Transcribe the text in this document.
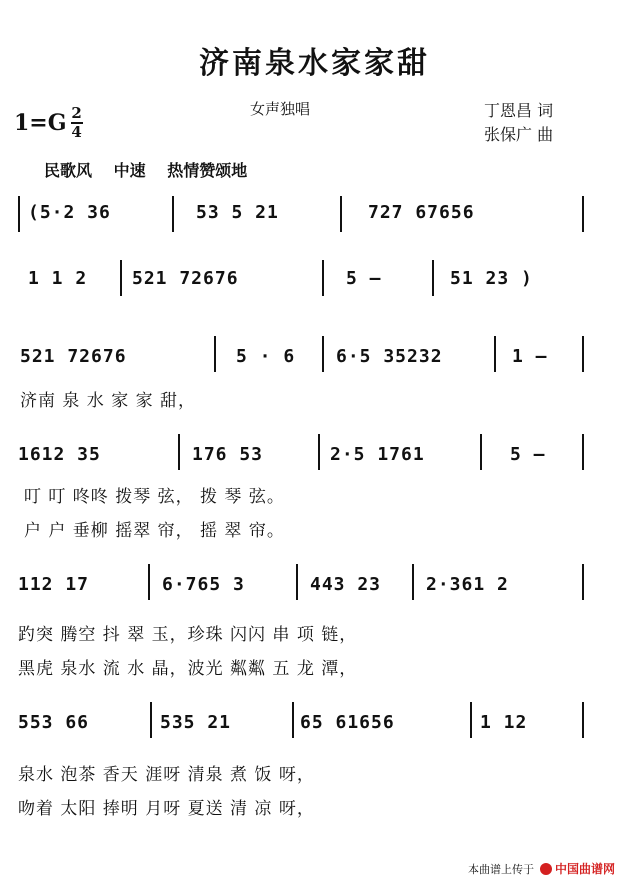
济南泉水家家甜
1=G 2
4
女声独唱	丁恩昌 词
张保广 曲
民歌风 中速 热情赞颂地
(5·2 36	53 5 21	727 67656
1 1 2 521 72676	5 –	51 23 )
521 72676	5 · 6 6·5 35232	1 –
济南 泉 水 家 家 甜，
1612 35	176 53	2·5 1761	5 –
叮 叮 咚咚 拨琴 弦， 拨 琴 弦。
户 户 垂柳 摇翠 帘， 摇 翠 帘。
112 17	6·765 3	443 23 2·361 2
趵突 腾空 抖 翠 玉，珍珠 闪闪 串 项 链，
黑虎 泉水 流 水 晶，波光 粼粼 五 龙 潭，
553 66	535 21	65 61656	1 12
泉水 泡茶 香天 涯呀 清泉 煮 饭 呀，
吻着 太阳 捧明 月呀 夏送 清 凉 呀，
本曲谱上传于 中国曲谱网
